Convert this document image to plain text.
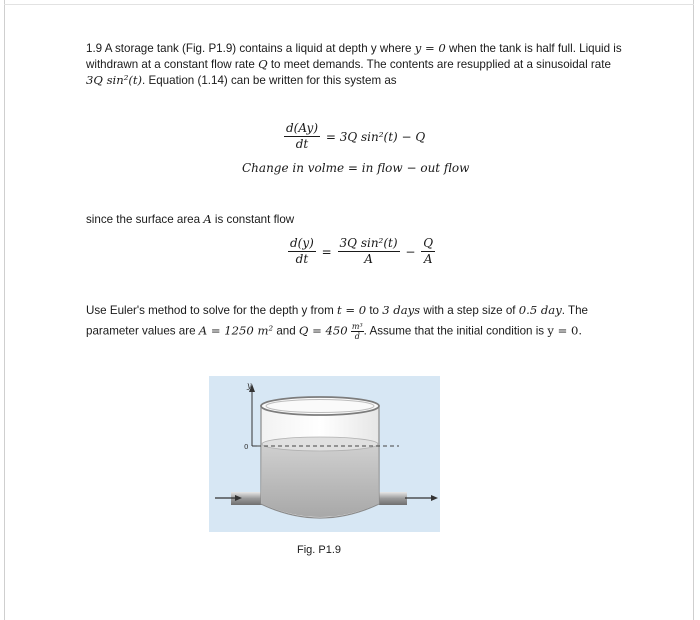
1.9 A storage tank (Fig. P1.9) contains a liquid at depth y where y = 0 when the tank is half full. Liquid is
withdrawn at a constant flow rate Q to meet demands. The contents are resupplied at a sinusoidal rate
3Q sin²(t). Equation (1.14) can be written for this system as
$\frac{d(Ay)}{dt} = 3Q$ sin²(t) − Q
Change in volme = in flow − out flow
since the surface area A is constant flow
$\frac{d(y)}{dt} = \frac{\text{3Q sin²(t)}}{A} - \frac{Q}{A}$
Use Euler's method to solve for the depth y from t = 0 to 3 days with a step size of 0.5 day. The
parameter values are A = 1250 m² and $Q = 450 \frac{\text{m³}}{d}$ . Assume that the initial condition is y = 0.
y
0
Fig. P1.9
